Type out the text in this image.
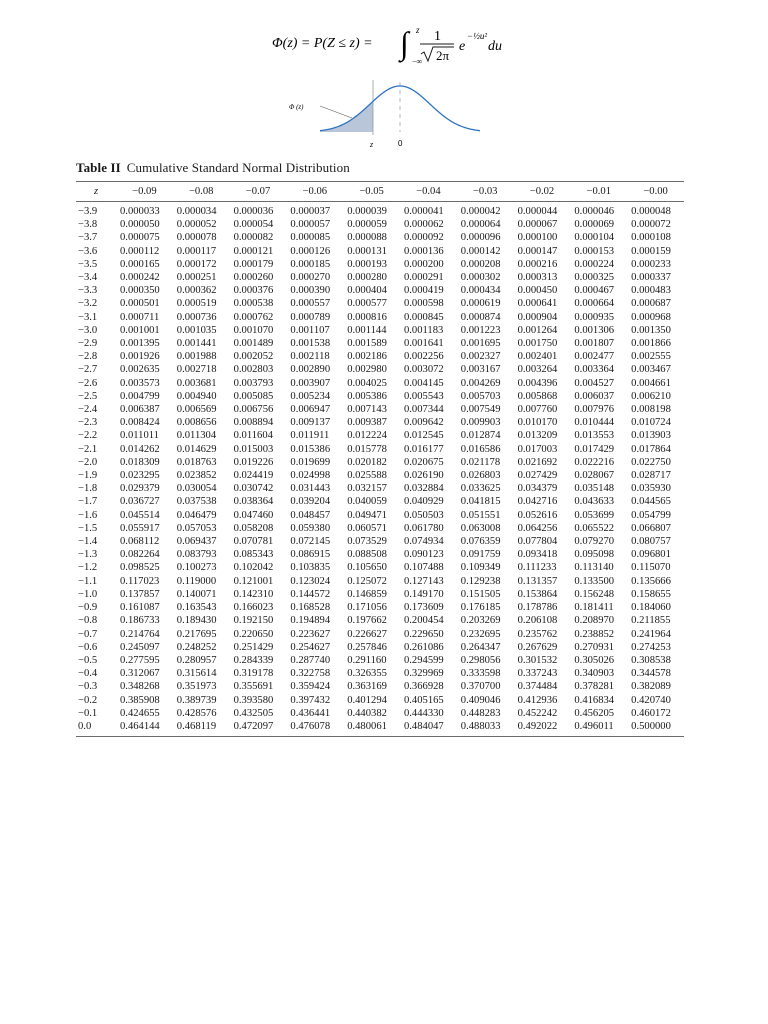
Φ(z) = P(Z ≤ z) = ∫ z
−∞
1
2π
e
−½u²
du
Φ (z)
z	0
Table II Cumulative Standard Normal Distribution
z	−0.09	−0.08	−0.07	−0.06	−0.05	−0.04	−0.03	−0.02	−0.01	−0.00
−3.9	0.000033	0.000034	0.000036	0.000037	0.000039	0.000041	0.000042	0.000044	0.000046	0.000048
−3.8	0.000050	0.000052	0.000054	0.000057	0.000059	0.000062	0.000064	0.000067	0.000069	0.000072
−3.7	0.000075	0.000078	0.000082	0.000085	0.000088	0.000092	0.000096	0.000100	0.000104	0.000108
−3.6	0.000112	0.000117	0.000121	0.000126	0.000131	0.000136	0.000142	0.000147	0.000153	0.000159
−3.5	0.000165	0.000172	0.000179	0.000185	0.000193	0.000200	0.000208	0.000216	0.000224	0.000233
−3.4	0.000242	0.000251	0.000260	0.000270	0.000280	0.000291	0.000302	0.000313	0.000325	0.000337
−3.3	0.000350	0.000362	0.000376	0.000390	0.000404	0.000419	0.000434	0.000450	0.000467	0.000483
−3.2	0.000501	0.000519	0.000538	0.000557	0.000577	0.000598	0.000619	0.000641	0.000664	0.000687
−3.1	0.000711	0.000736	0.000762	0.000789	0.000816	0.000845	0.000874	0.000904	0.000935	0.000968
−3.0	0.001001	0.001035	0.001070	0.001107	0.001144	0.001183	0.001223	0.001264	0.001306	0.001350
−2.9	0.001395	0.001441	0.001489	0.001538	0.001589	0.001641	0.001695	0.001750	0.001807	0.001866
−2.8	0.001926	0.001988	0.002052	0.002118	0.002186	0.002256	0.002327	0.002401	0.002477	0.002555
−2.7	0.002635	0.002718	0.002803	0.002890	0.002980	0.003072	0.003167	0.003264	0.003364	0.003467
−2.6	0.003573	0.003681	0.003793	0.003907	0.004025	0.004145	0.004269	0.004396	0.004527	0.004661
−2.5	0.004799	0.004940	0.005085	0.005234	0.005386	0.005543	0.005703	0.005868	0.006037	0.006210
−2.4	0.006387	0.006569	0.006756	0.006947	0.007143	0.007344	0.007549	0.007760	0.007976	0.008198
−2.3	0.008424	0.008656	0.008894	0.009137	0.009387	0.009642	0.009903	0.010170	0.010444	0.010724
−2.2	0.011011	0.011304	0.011604	0.011911	0.012224	0.012545	0.012874	0.013209	0.013553	0.013903
−2.1	0.014262	0.014629	0.015003	0.015386	0.015778	0.016177	0.016586	0.017003	0.017429	0.017864
−2.0	0.018309	0.018763	0.019226	0.019699	0.020182	0.020675	0.021178	0.021692	0.022216	0.022750
−1.9	0.023295	0.023852	0.024419	0.024998	0.025588	0.026190	0.026803	0.027429	0.028067	0.028717
−1.8	0.029379	0.030054	0.030742	0.031443	0.032157	0.032884	0.033625	0.034379	0.035148	0.035930
−1.7	0.036727	0.037538	0.038364	0.039204	0.040059	0.040929	0.041815	0.042716	0.043633	0.044565
−1.6	0.045514	0.046479	0.047460	0.048457	0.049471	0.050503	0.051551	0.052616	0.053699	0.054799
−1.5	0.055917	0.057053	0.058208	0.059380	0.060571	0.061780	0.063008	0.064256	0.065522	0.066807
−1.4	0.068112	0.069437	0.070781	0.072145	0.073529	0.074934	0.076359	0.077804	0.079270	0.080757
−1.3	0.082264	0.083793	0.085343	0.086915	0.088508	0.090123	0.091759	0.093418	0.095098	0.096801
−1.2	0.098525	0.100273	0.102042	0.103835	0.105650	0.107488	0.109349	0.111233	0.113140	0.115070
−1.1	0.117023	0.119000	0.121001	0.123024	0.125072	0.127143	0.129238	0.131357	0.133500	0.135666
−1.0	0.137857	0.140071	0.142310	0.144572	0.146859	0.149170	0.151505	0.153864	0.156248	0.158655
−0.9	0.161087	0.163543	0.166023	0.168528	0.171056	0.173609	0.176185	0.178786	0.181411	0.184060
−0.8	0.186733	0.189430	0.192150	0.194894	0.197662	0.200454	0.203269	0.206108	0.208970	0.211855
−0.7	0.214764	0.217695	0.220650	0.223627	0.226627	0.229650	0.232695	0.235762	0.238852	0.241964
−0.6	0.245097	0.248252	0.251429	0.254627	0.257846	0.261086	0.264347	0.267629	0.270931	0.274253
−0.5	0.277595	0.280957	0.284339	0.287740	0.291160	0.294599	0.298056	0.301532	0.305026	0.308538
−0.4	0.312067	0.315614	0.319178	0.322758	0.326355	0.329969	0.333598	0.337243	0.340903	0.344578
−0.3	0.348268	0.351973	0.355691	0.359424	0.363169	0.366928	0.370700	0.374484	0.378281	0.382089
−0.2	0.385908	0.389739	0.393580	0.397432	0.401294	0.405165	0.409046	0.412936	0.416834	0.420740
−0.1	0.424655	0.428576	0.432505	0.436441	0.440382	0.444330	0.448283	0.452242	0.456205	0.460172
0.0	0.464144	0.468119	0.472097	0.476078	0.480061	0.484047	0.488033	0.492022	0.496011	0.500000
